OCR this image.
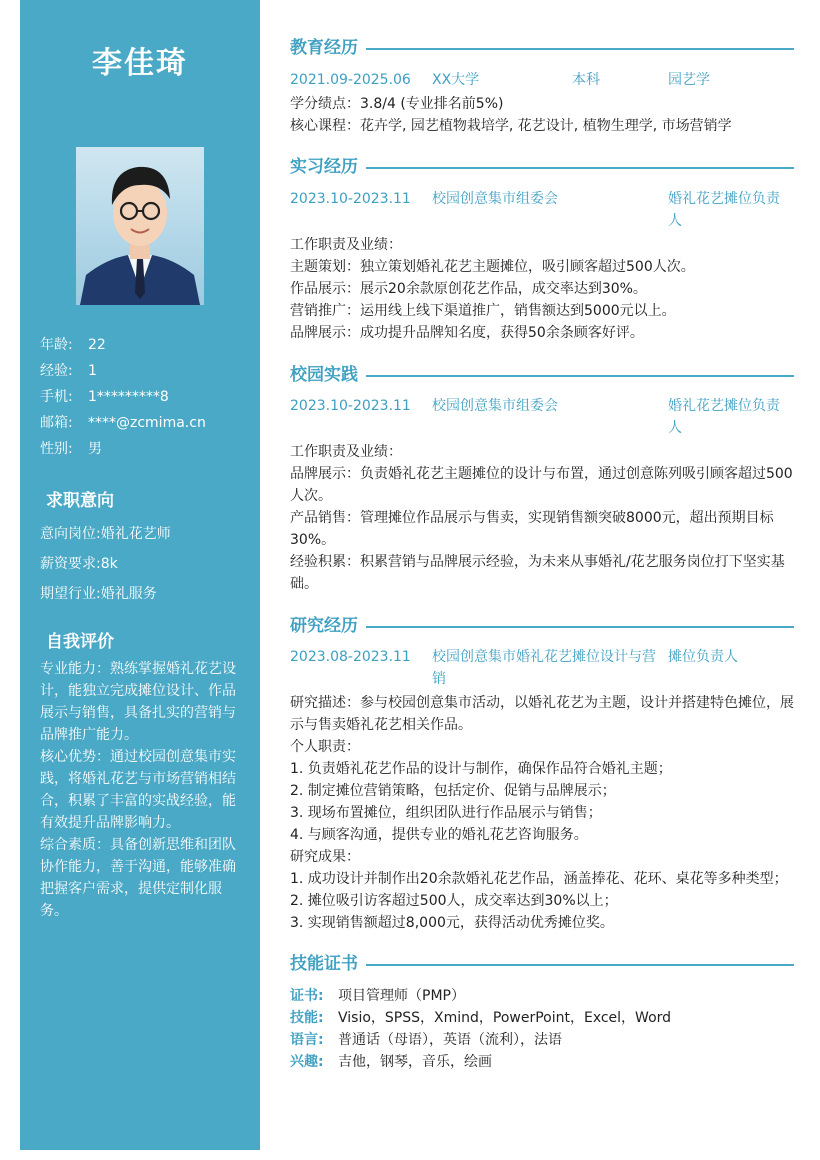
李佳琦
年龄: 22
经验: 1
手机: 1*********8
邮箱: ****@zcmima.cn
性别: 男
求职意向
意向岗位:婚礼花艺师
薪资要求:8k
期望行业:婚礼服务
自我评价

专业能力：熟练掌握婚礼花艺设计，能独立完成摊位设计、作品展示与销售，具备扎实的营销与品牌推广能力。

核心优势：通过校园创意集市实践，将婚礼花艺与市场营销相结合，积累了丰富的实战经验，能有效提升品牌影响力。

综合素质：具备创新思维和团队协作能力，善于沟通，能够准确把握客户需求，提供定制化服务。

教育经历
2021.09-2025.06 XX大学	本科	园艺学

学分绩点：3.8/4 (专业排名前5%)

核心课程：花卉学, 园艺植物栽培学, 花艺设计, 植物生理学, 市场营销学

实习经历
2023.10-2023.11 校园创意集市组委会	婚礼花艺摊位负责人

工作职责及业绩：

主题策划：独立策划婚礼花艺主题摊位，吸引顾客超过500人次。

作品展示：展示20余款原创花艺作品，成交率达到30%。

营销推广：运用线上线下渠道推广，销售额达到5000元以上。

品牌展示：成功提升品牌知名度，获得50余条顾客好评。

校园实践
2023.10-2023.11 校园创意集市组委会	婚礼花艺摊位负责人

工作职责及业绩：

品牌展示：负责婚礼花艺主题摊位的设计与布置，通过创意陈列吸引顾客超过500人次。

产品销售：管理摊位作品展示与售卖，实现销售额突破8000元，超出预期目标30%。

经验积累：积累营销与品牌展示经验，为未来从事婚礼/花艺服务岗位打下坚实基础。

研究经历
2023.08-2023.11 校园创意集市婚礼花艺摊位设计与营销
摊位负责人

研究描述：参与校园创意集市活动，以婚礼花艺为主题，设计并搭建特色摊位，展示与售卖婚礼花艺相关作品。

个人职责：

1. 负责婚礼花艺作品的设计与制作，确保作品符合婚礼主题；

2. 制定摊位营销策略，包括定价、促销与品牌展示；

3. 现场布置摊位，组织团队进行作品展示与销售；

4. 与顾客沟通，提供专业的婚礼花艺咨询服务。

研究成果：

1. 成功设计并制作出20余款婚礼花艺作品，涵盖捧花、花环、桌花等多种类型；

2. 摊位吸引访客超过500人，成交率达到30%以上；

3. 实现销售额超过8,000元，获得活动优秀摊位奖。

技能证书
证书: 项目管理师（PMP）
技能: Visio，SPSS，Xmind，PowerPoint，Excel，Word
语言: 普通话（母语），英语（流利），法语
兴趣: 吉他，钢琴，音乐，绘画
